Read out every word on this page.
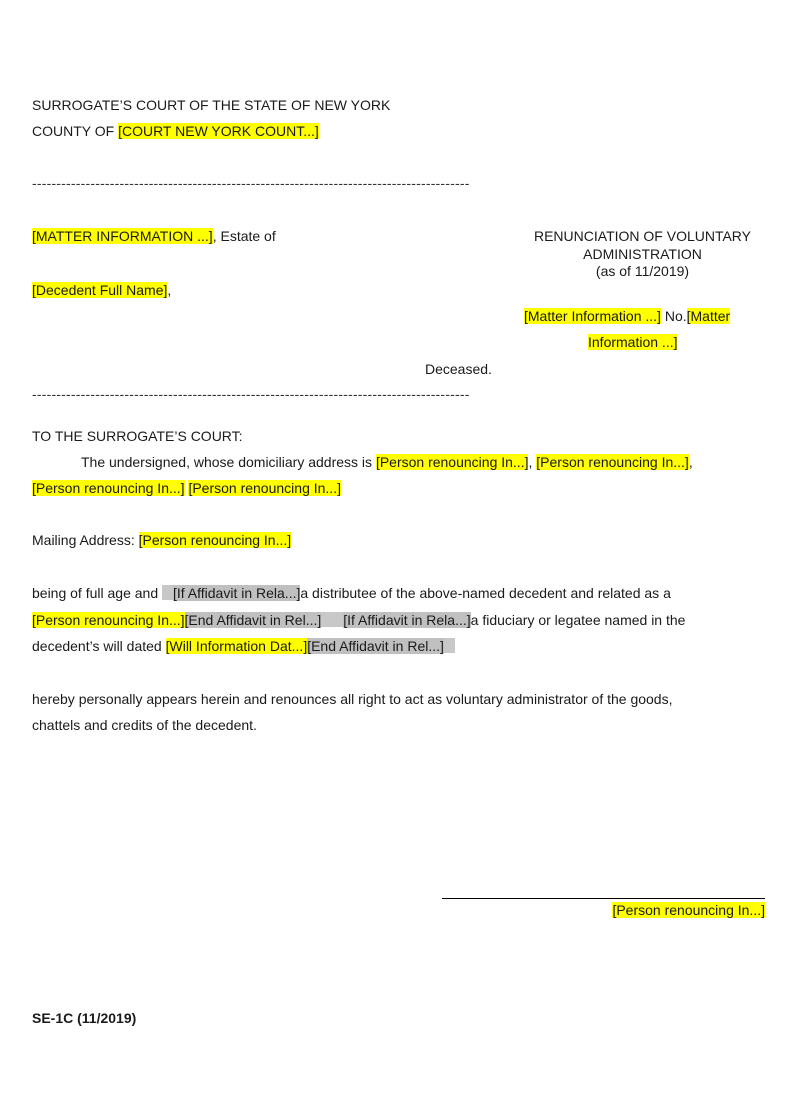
SURROGATE’S COURT OF THE STATE OF NEW YORK
COUNTY OF [COURT NEW YORK COUNT...]
------------------------------------------------------------------------------------------
[MATTER INFORMATION ...], Estate of
[Decedent Full Name],
RENUNCIATION OF VOLUNTARY
ADMINISTRATION
(as of 11/2019)
[Matter Information ...] No.[Matter
Information ...]
Deceased.
------------------------------------------------------------------------------------------
TO THE SURROGATE’S COURT:
The undersigned, whose domiciliary address is [Person renouncing In...], [Person renouncing In...],
[Person renouncing In...] [Person renouncing In...]
Mailing Address: [Person renouncing In...]
being of full age and [If Affidavit in Rela...]a distributee of the above-named decedent and related as a
[Person renouncing In...][End Affidavit in Rel...] [If Affidavit in Rela...]a fiduciary or legatee named in the
decedent’s will dated [Will Information Dat...][End Affidavit in Rel...]
hereby personally appears herein and renounces all right to act as voluntary administrator of the goods,
chattels and credits of the decedent.
[Person renouncing In...]
SE-1C (11/2019)
